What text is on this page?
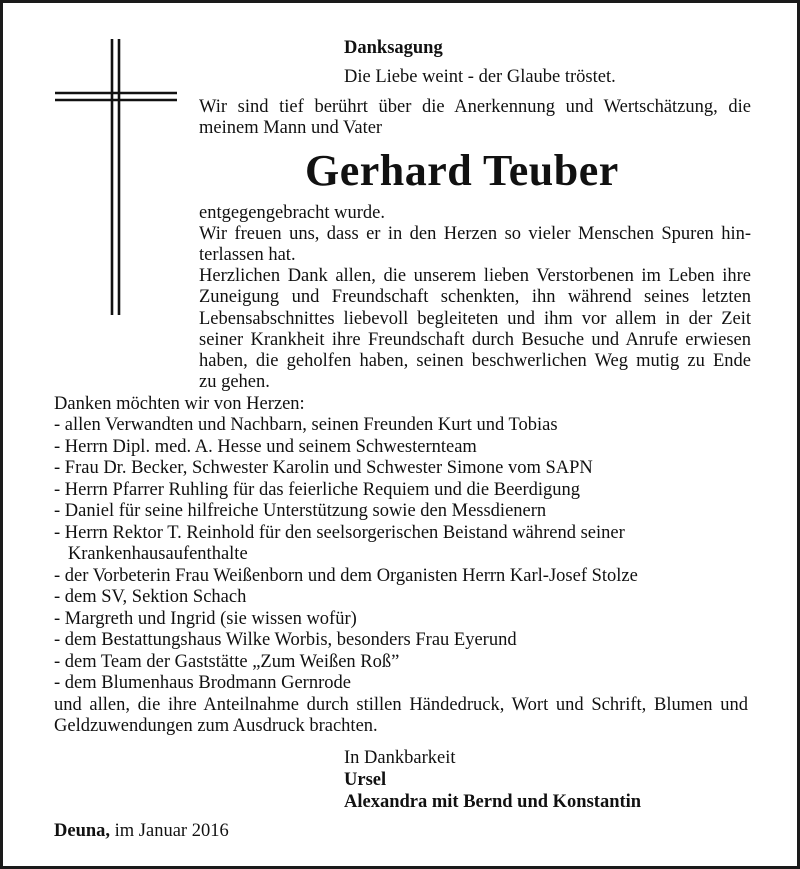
Danksagung
Die Liebe weint - der Glaube tröstet.
Wir sind tief berührt über die Anerkennung und Wertschätzung, die
meinem Mann und Vater
Gerhard Teuber
entgegengebracht wurde.
Wir freuen uns, dass er in den Herzen so vieler Menschen Spuren hin-
terlassen hat.
Herzlichen Dank allen, die unserem lieben Verstorbenen im Leben ihre
Zuneigung und Freundschaft schenkten, ihn während seines letzten
Lebensabschnittes liebevoll begleiteten und ihm vor allem in der Zeit
seiner Krankheit ihre Freundschaft durch Besuche und Anrufe erwiesen
haben, die geholfen haben, seinen beschwerlichen Weg mutig zu Ende
zu gehen.
Danken möchten wir von Herzen:
- allen Verwandten und Nachbarn, seinen Freunden Kurt und Tobias
- Herrn Dipl. med. A. Hesse und seinem Schwesternteam
- Frau Dr. Becker, Schwester Karolin und Schwester Simone vom SAPN
- Herrn Pfarrer Ruhling für das feierliche Requiem und die Beerdigung
- Daniel für seine hilfreiche Unterstützung sowie den Messdienern
- Herrn Rektor T. Reinhold für den seelsorgerischen Beistand während seiner
Krankenhausaufenthalte
- der Vorbeterin Frau Weißenborn und dem Organisten Herrn Karl-Josef Stolze
- dem SV, Sektion Schach
- Margreth und Ingrid (sie wissen wofür)
- dem Bestattungshaus Wilke Worbis, besonders Frau Eyerund
- dem Team der Gaststätte „Zum Weißen Roß”
- dem Blumenhaus Brodmann Gernrode
und allen, die ihre Anteilnahme durch stillen Händedruck, Wort und Schrift, Blumen und
Geldzuwendungen zum Ausdruck brachten.
In Dankbarkeit
Ursel
Alexandra mit Bernd und Konstantin
Deuna, im Januar 2016
